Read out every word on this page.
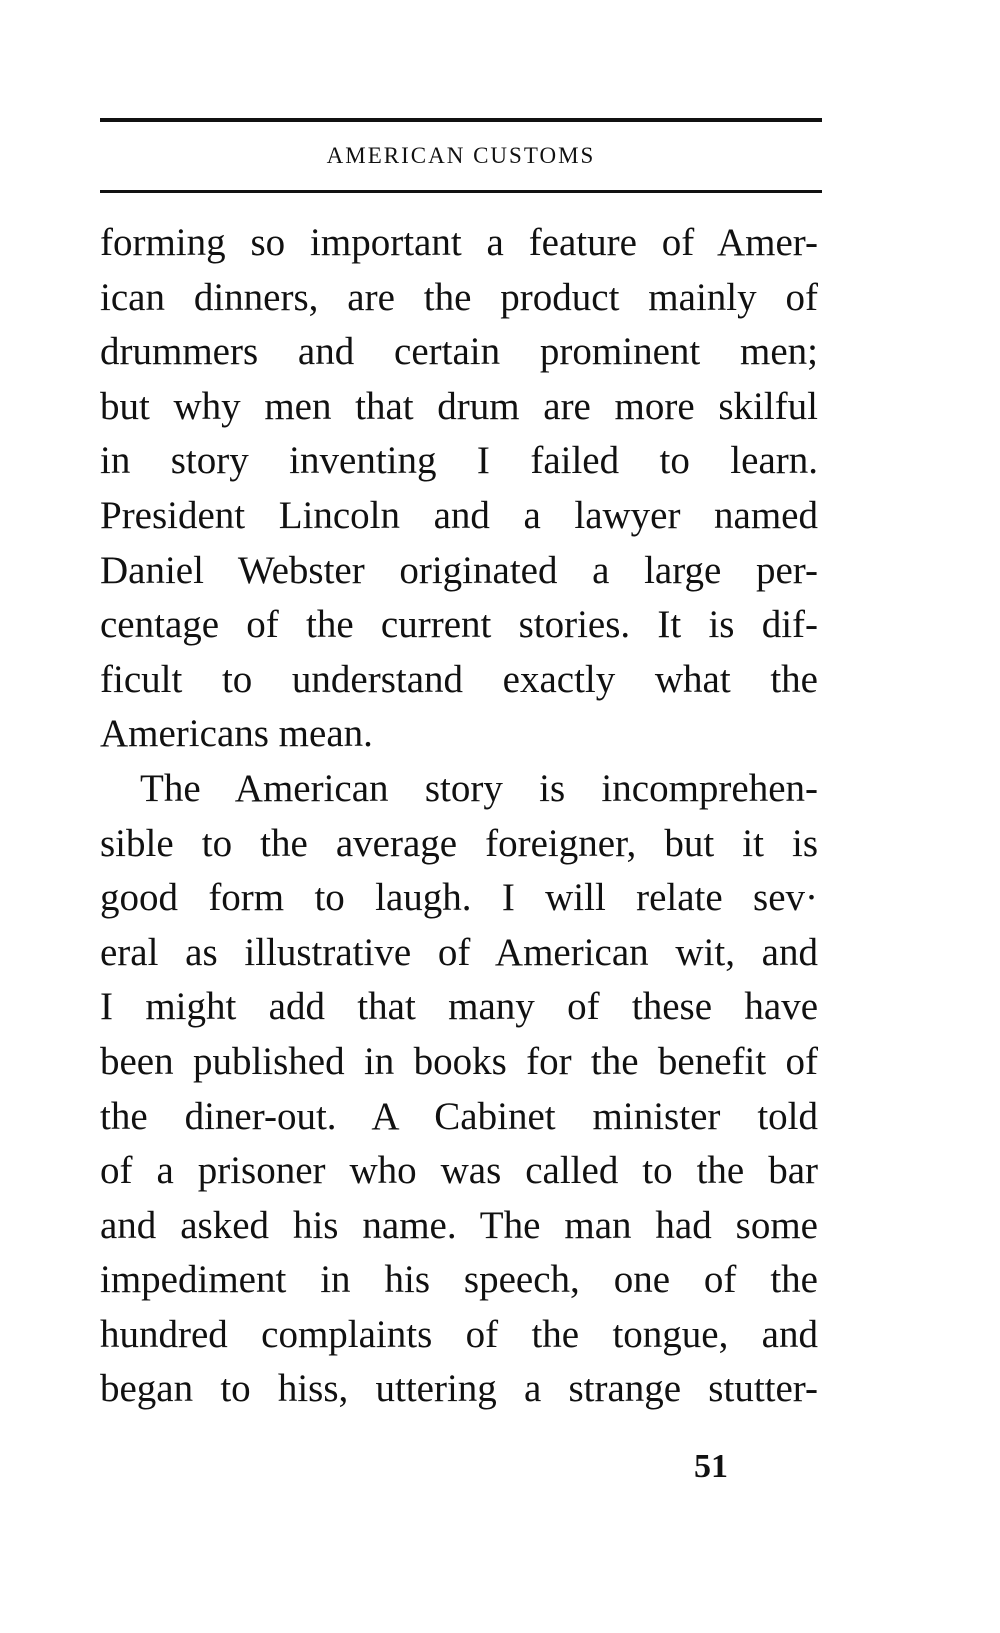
AMERICAN CUSTOMS
forming so important a feature of Amer-
ican dinners, are the product mainly of
drummers and certain prominent men;
but why men that drum are more skilful
in story inventing I failed to learn.
President Lincoln and a lawyer named
Daniel Webster originated a large per-
centage of the current stories. It is dif-
ficult to understand exactly what the
Americans mean.
The American story is incomprehen-
sible to the average foreigner, but it is
good form to laugh. I will relate sev·
eral as illustrative of American wit, and
I might add that many of these have
been published in books for the benefit of
the diner-out. A Cabinet minister told
of a prisoner who was called to the bar
and asked his name. The man had some
impediment in his speech, one of the
hundred complaints of the tongue, and
began to hiss, uttering a strange stutter-
51
